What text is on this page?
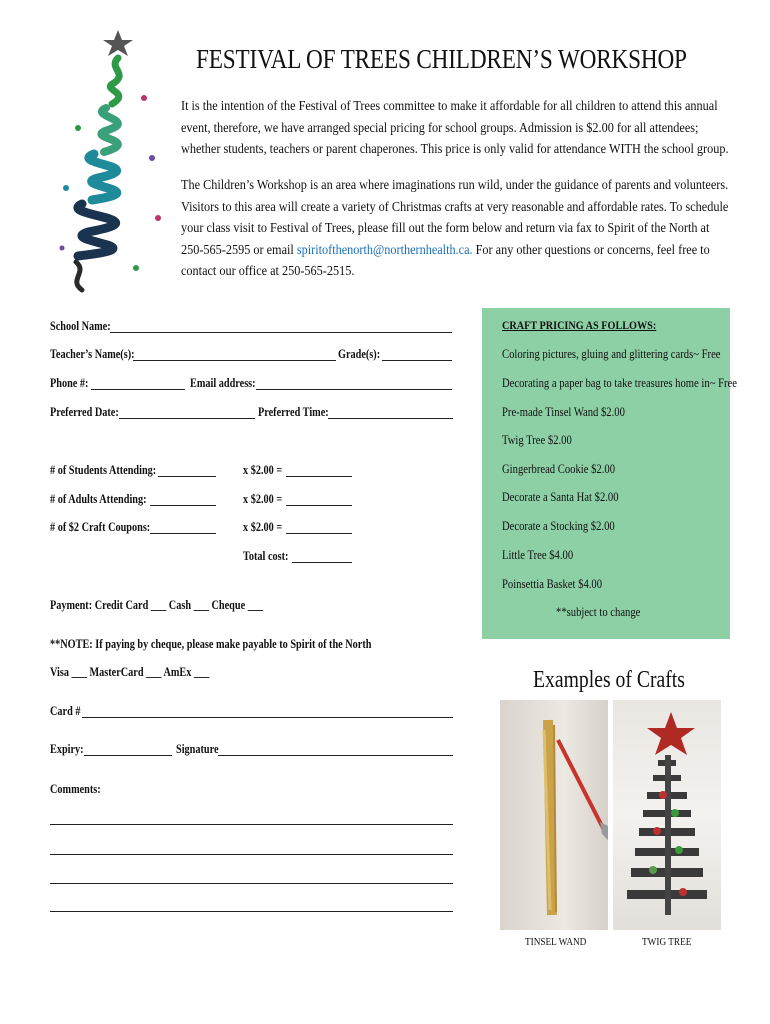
FESTIVAL OF TREES CHILDREN’S WORKSHOP
It is the intention of the Festival of Trees committee to make it affordable for all children to attend this annual event, therefore, we have arranged special pricing for school groups. Admission is $2.00 for all attendees; whether students, teachers or parent chaperones. This price is only valid for attendance WITH the school group.
The Children’s Workshop is an area where imaginations run wild, under the guidance of parents and volunteers. Visitors to this area will create a variety of Christmas crafts at very reasonable and affordable rates. To schedule your class visit to Festival of Trees, please fill out the form below and return via fax to Spirit of the North at 250-565-2595 or email spiritofthenorth@northernhealth.ca. For any other questions or concerns, feel free to contact our office at 250-565-2515.
School Name:
Teacher’s Name(s):	Grade(s):
Phone #:	Email address:
Preferred Date:	Preferred Time:
# of Students Attending:	x $2.00 =
# of Adults Attending:	x $2.00 =
# of $2 Craft Coupons:	x $2.00 =
Total cost:
Payment: Credit Card ___ Cash ___ Cheque ___
**NOTE: If paying by cheque, please make payable to Spirit of the North
Visa ___ MasterCard ___ AmEx ___
Card #
Expiry:	Signature
Comments:
CRAFT PRICING AS FOLLOWS:
Coloring pictures, gluing and glittering cards~ Free
Decorating a paper bag to take treasures home in~ Free
Pre-made Tinsel Wand $2.00
Twig Tree $2.00
Gingerbread Cookie $2.00
Decorate a Santa Hat $2.00
Decorate a Stocking $2.00
Little Tree $4.00
Poinsettia Basket $4.00
**subject to change
Examples of Crafts
TINSEL WAND	TWIG TREE
